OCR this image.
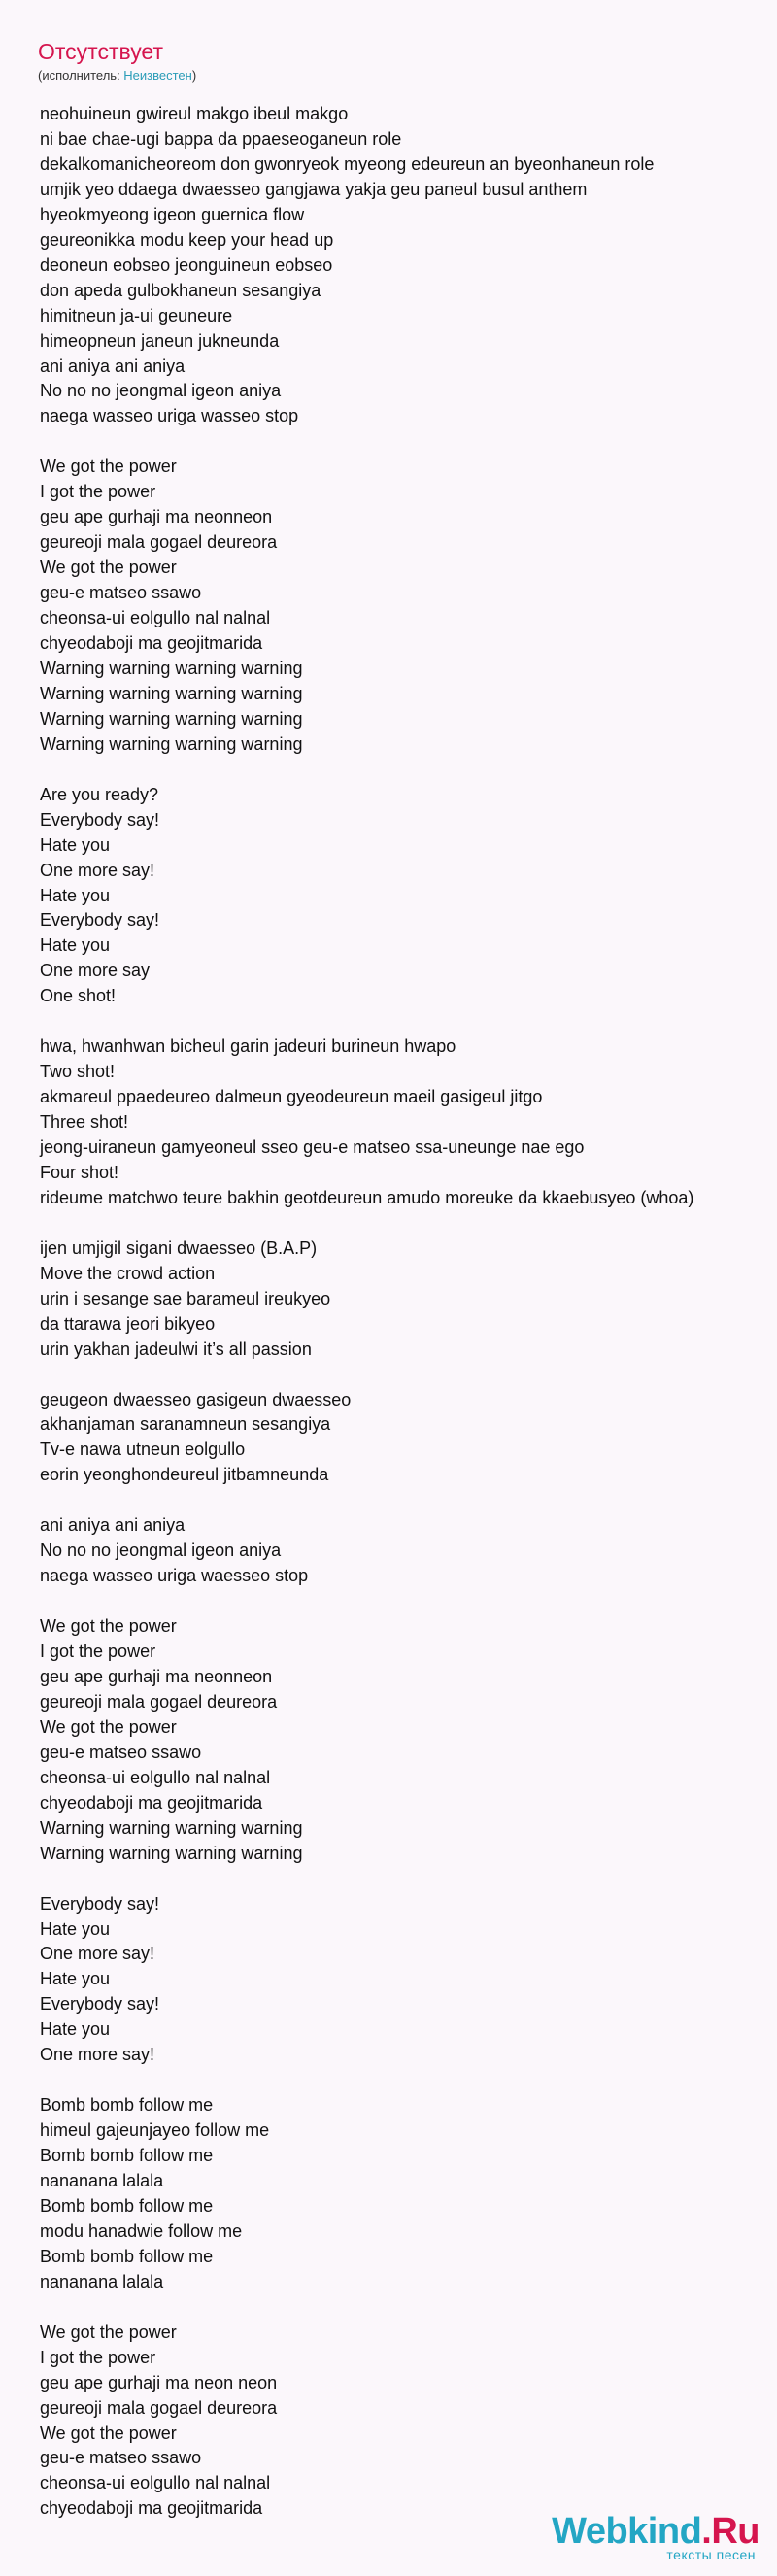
Отсутствует
(исполнитель: Неизвестен)
neohuineun gwireul makgo ibeul makgo
ni bae chae-ugi bappa da ppaeseoganeun role
dekalkomanicheoreom don gwonryeok myeong edeureun an byeonhaneun role
umjik yeo ddaega dwaesseo gangjawa yakja geu paneul busul anthem
hyeokmyeong igeon guernica flow
geureonikka modu keep your head up
deoneun eobseo jeonguineun eobseo
don apeda gulbokhaneun sesangiya
himitneun ja-ui geuneure
himeopneun janeun jukneunda
ani aniya ani aniya
No no no jeongmal igeon aniya
naega wasseo uriga wasseo stop
We got the power
I got the power
geu ape gurhaji ma neonneon
geureoji mala gogael deureora
We got the power
geu-e matseo ssawo
cheonsa-ui eolgullo nal nalnal
chyeodaboji ma geojitmarida
Warning warning warning warning
Warning warning warning warning
Warning warning warning warning
Warning warning warning warning
Are you ready?
Everybody say!
Hate you
One more say!
Hate you
Everybody say!
Hate you
One more say
One shot!
hwa, hwanhwan bicheul garin jadeuri burineun hwapo
Two shot!
akmareul ppaedeureo dalmeun gyeodeureun maeil gasigeul jitgo
Three shot!
jeong-uiraneun gamyeoneul sseo geu-e matseo ssa-uneunge nae ego
Four shot!
rideume matchwo teure bakhin geotdeureun amudo moreuke da kkaebusyeo (whoa)
ijen umjigil sigani dwaesseo (B.A.P)
Move the crowd action
urin i sesange sae barameul ireukyeo
da ttarawa jeori bikyeo
urin yakhan jadeulwi it’s all passion
geugeon dwaesseo gasigeun dwaesseo
akhanjaman saranamneun sesangiya
Tv-e nawa utneun eolgullo
eorin yeonghondeureul jitbamneunda
ani aniya ani aniya
No no no jeongmal igeon aniya
naega wasseo uriga waesseo stop
We got the power
I got the power
geu ape gurhaji ma neonneon
geureoji mala gogael deureora
We got the power
geu-e matseo ssawo
cheonsa-ui eolgullo nal nalnal
chyeodaboji ma geojitmarida
Warning warning warning warning
Warning warning warning warning
Everybody say!
Hate you
One more say!
Hate you
Everybody say!
Hate you
One more say!
Bomb bomb follow me
himeul gajeunjayeo follow me
Bomb bomb follow me
nanananа lalala
Bomb bomb follow me
modu hanadwie follow me
Bomb bomb follow me
nanananа lalala
We got the power
I got the power
geu ape gurhaji ma neon neon
geureoji mala gogael deureora
We got the power
geu-e matseo ssawo
cheonsa-ui eolgullo nal nalnal
chyeodaboji ma geojitmarida
Webkind.Ru
тексты песен
